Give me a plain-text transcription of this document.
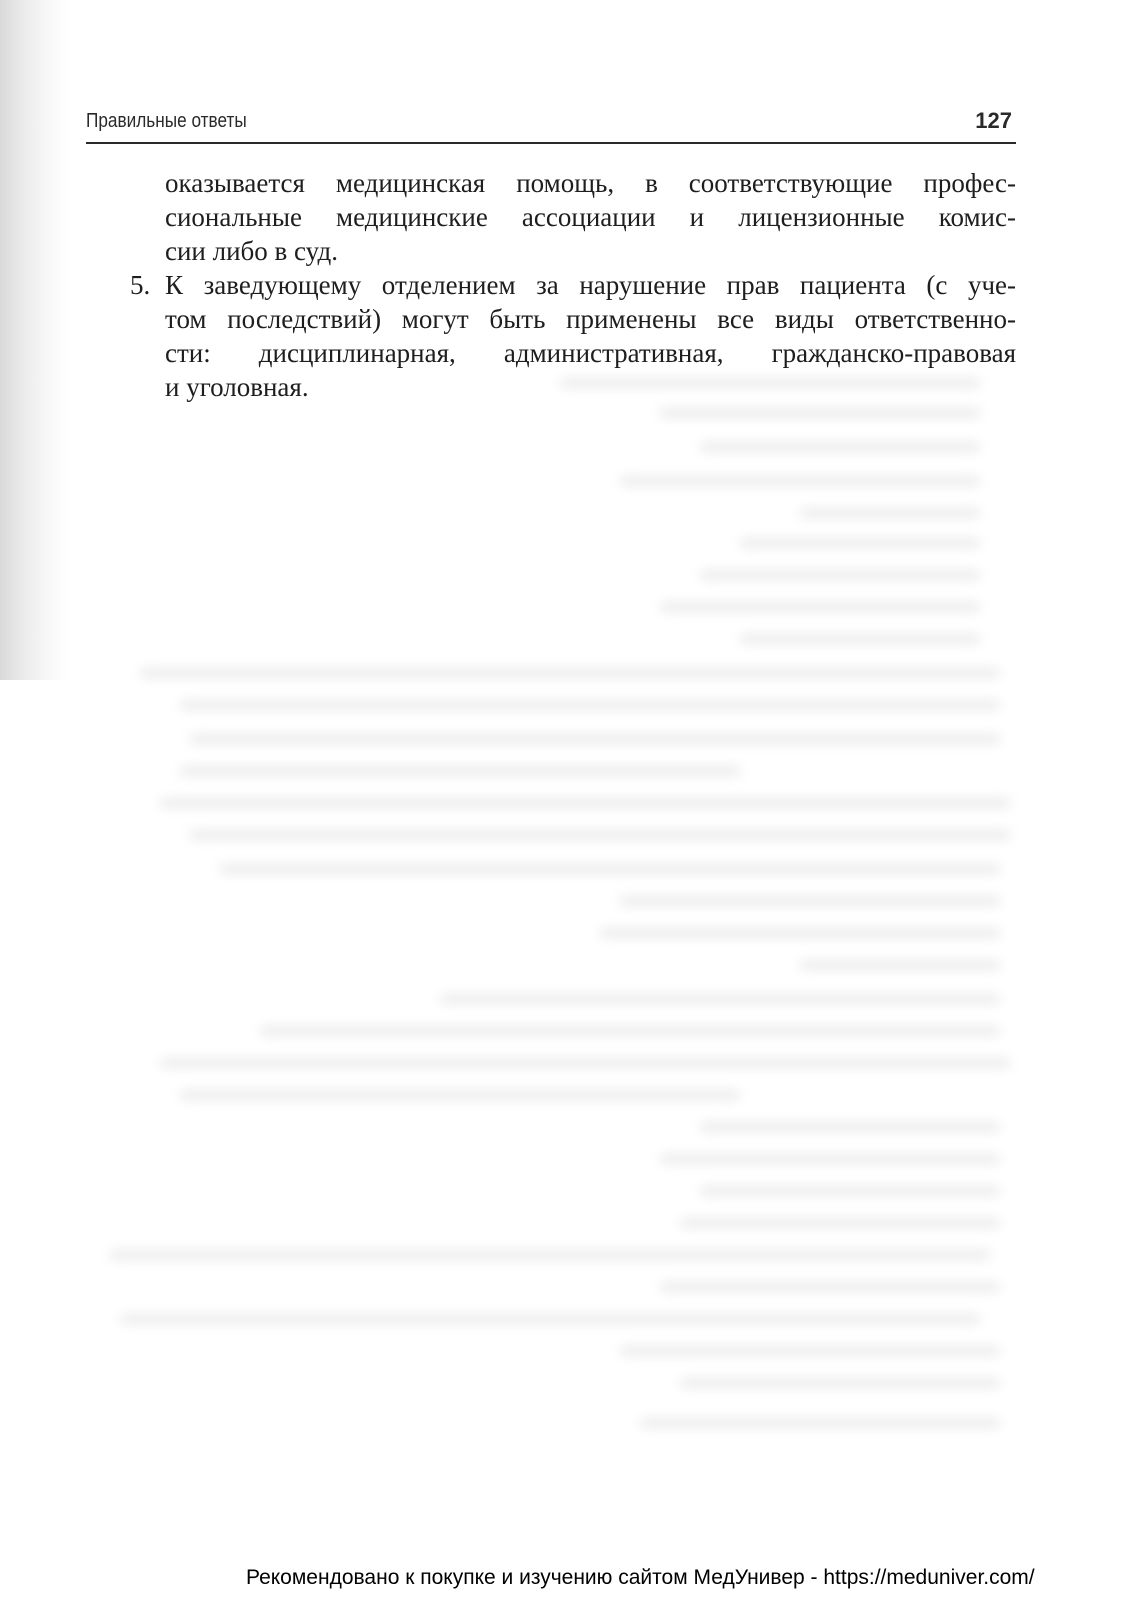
Правильные ответы	127

оказывается медицинская помощь, в соответствующие профес-
сиональные медицинские ассоциации и лицензионные комис-
сии либо в суд.

5. К заведующему отделением за нарушение прав пациента (с уче-
том последствий) могут быть применены все виды ответственно-
сти: дисциплинарная, административная, гражданско-правовая
и уголовная.
Рекомендовано к покупке и изучению сайтом МедУнивер - https://meduniver.com/
